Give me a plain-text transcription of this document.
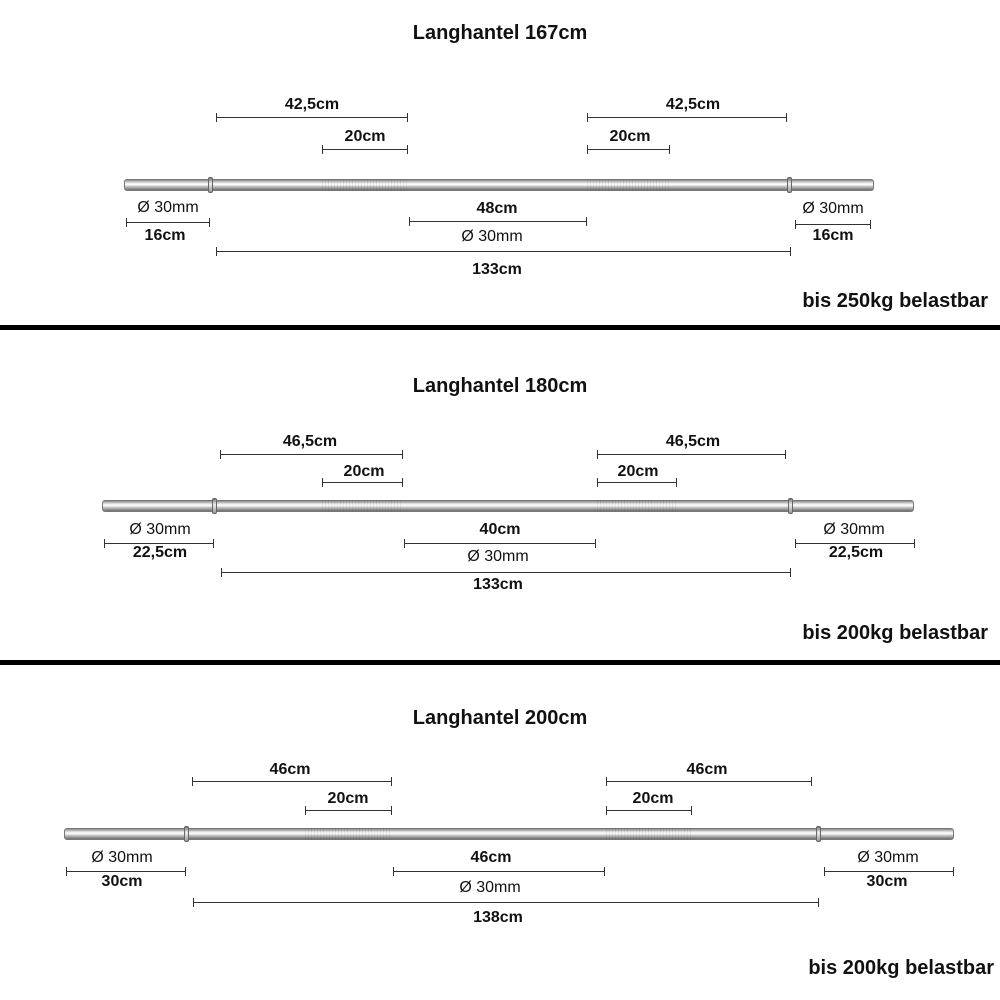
Langhantel 167cm
42,5cm
20cm
42,5cm
20cm
Ø 30mm
16cm
48cm
Ø 30mm
Ø 30mm
16cm
133cm
bis 250kg belastbar
Langhantel 180cm
46,5cm
20cm
46,5cm
20cm
Ø 30mm
22,5cm
40cm
Ø 30mm
Ø 30mm
22,5cm
133cm
bis 200kg belastbar
Langhantel 200cm
46cm
20cm
46cm
20cm
Ø 30mm
30cm
46cm
Ø 30mm
Ø 30mm
30cm
138cm
bis 200kg belastbar
